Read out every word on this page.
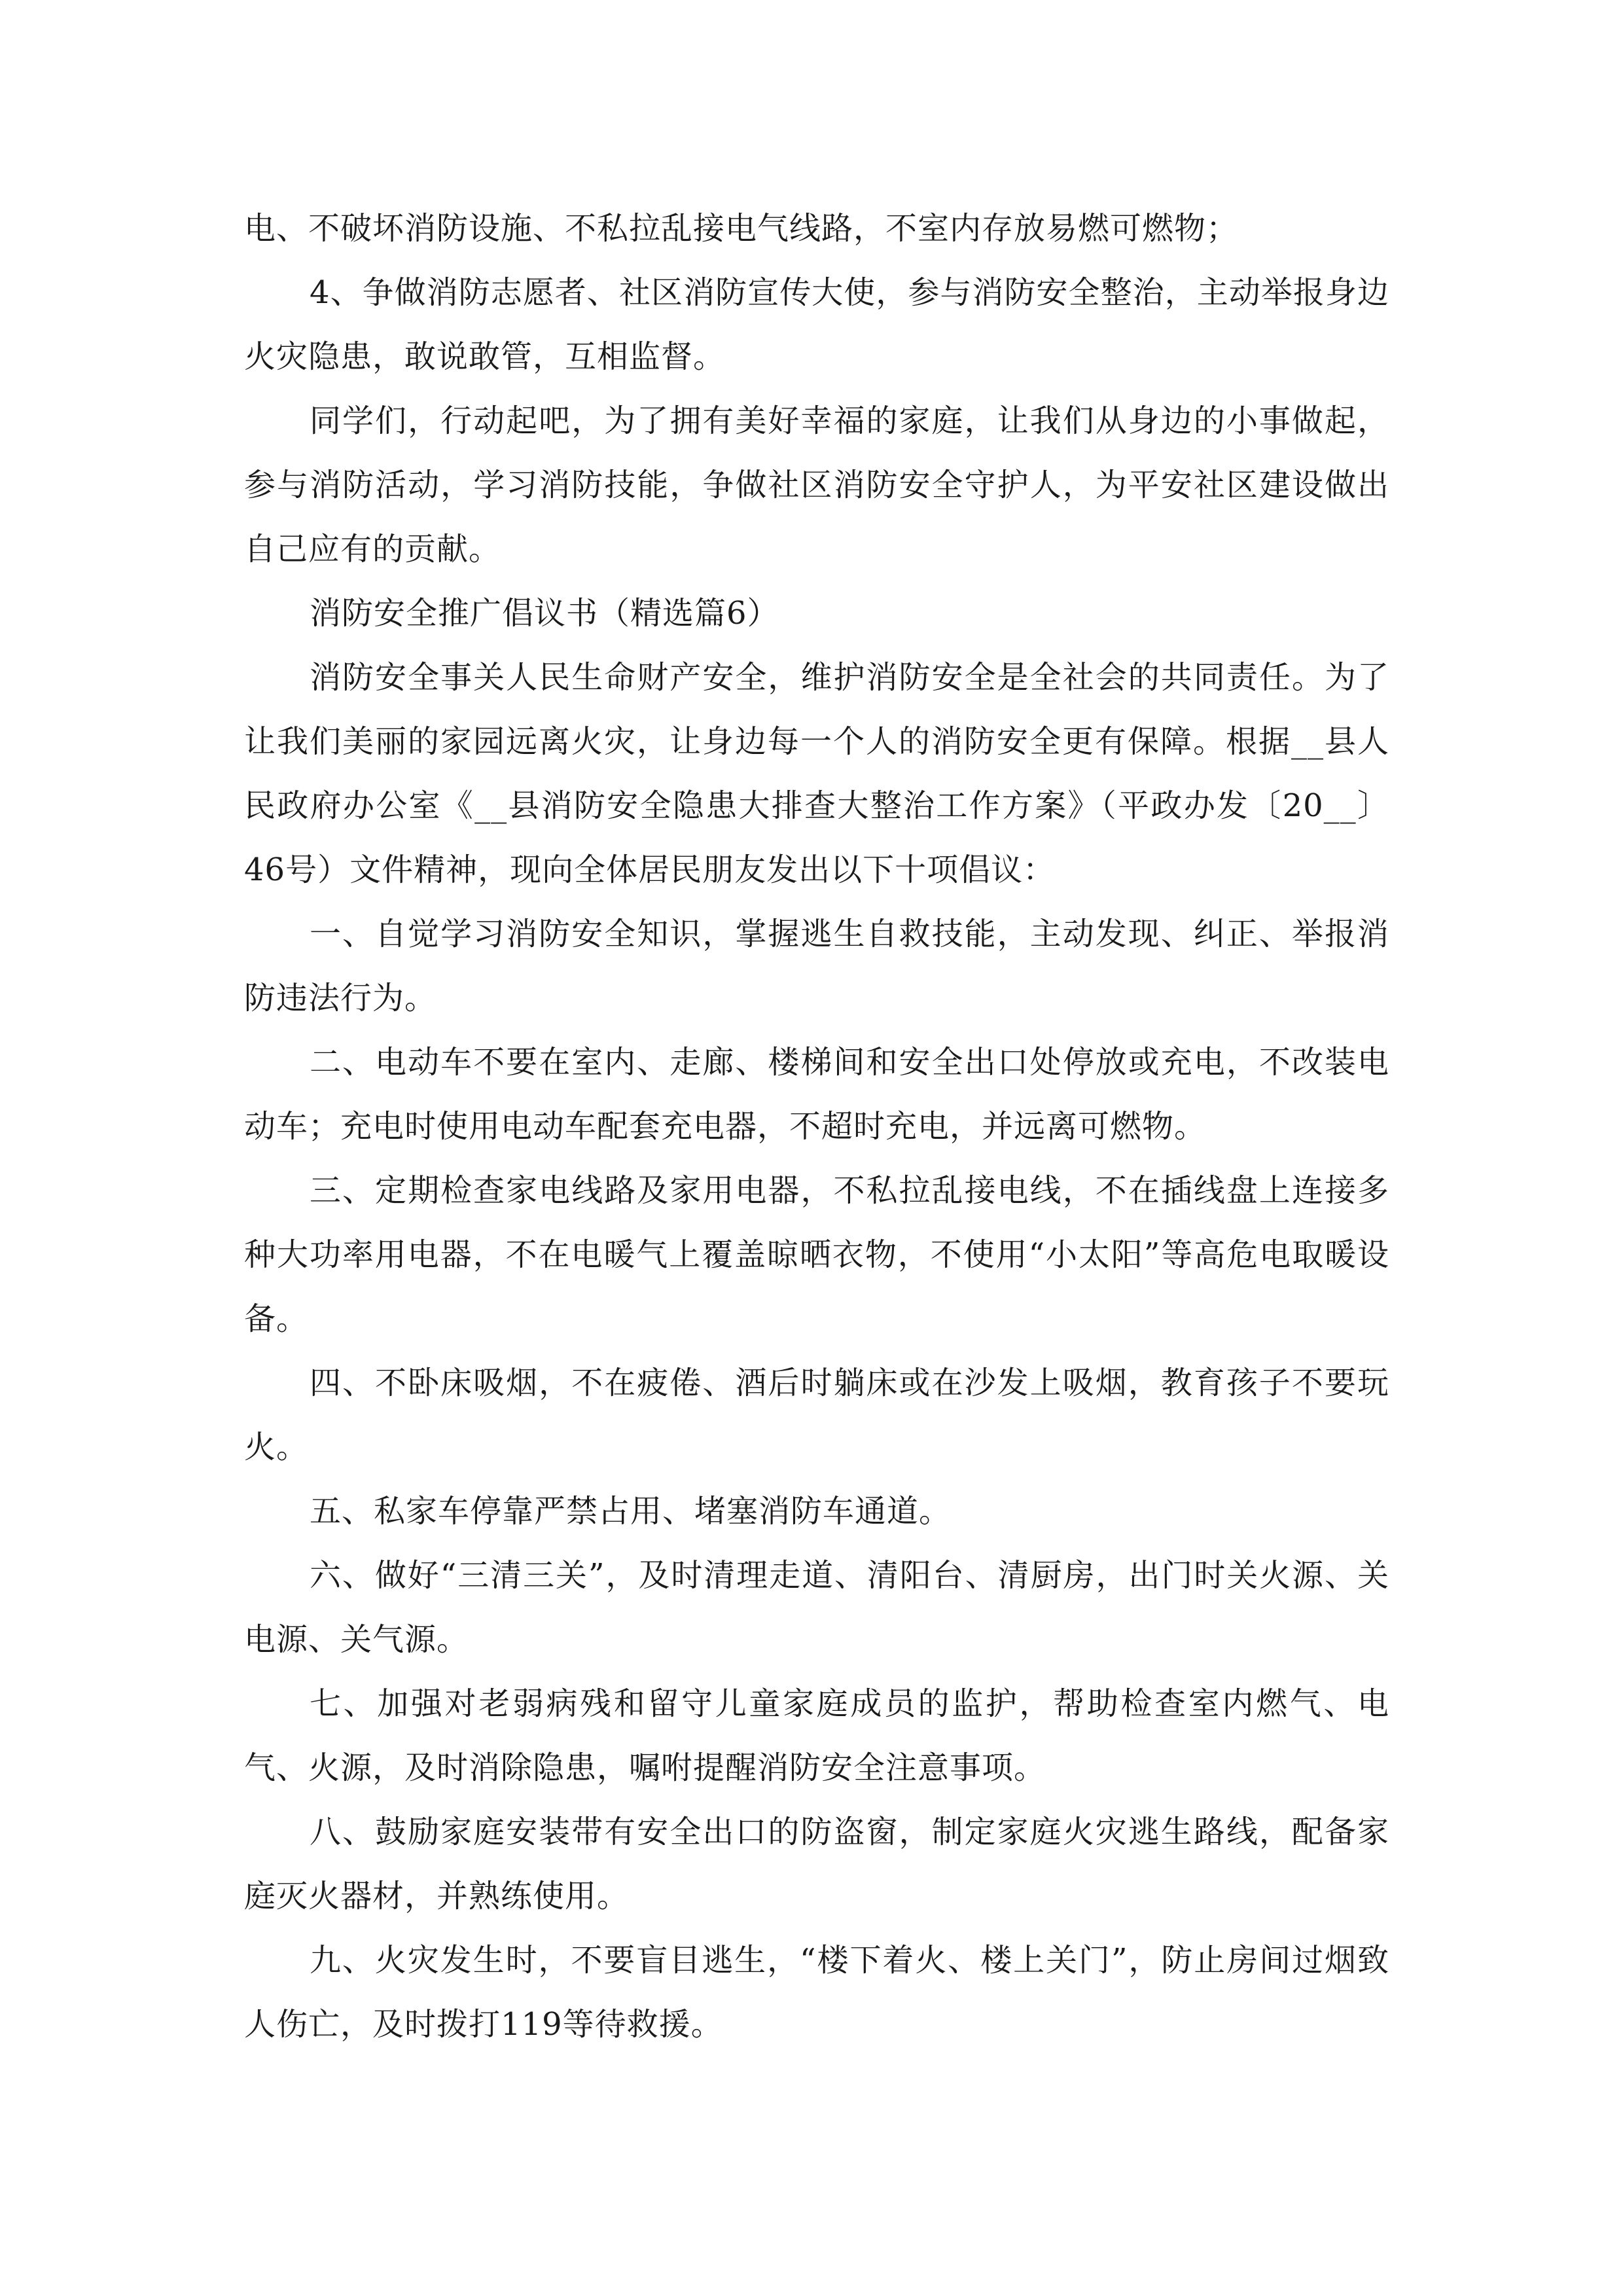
电、不破坏消防设施、不私拉乱接电气线路，不室内存放易燃可燃物；

4、争做消防志愿者、社区消防宣传大使，参与消防安全整治，主动举报身边火灾隐患，敢说敢管，互相监督。

同学们，行动起吧，为了拥有美好幸福的家庭，让我们从身边的小事做起，参与消防活动，学习消防技能，争做社区消防安全守护人，为平安社区建设做出自己应有的贡献。

消防安全推广倡议书（精选篇6）

消防安全事关人民生命财产安全，维护消防安全是全社会的共同责任。为了让我们美丽的家园远离火灾，让身边每一个人的消防安全更有保障。根据__县人民政府办公室《__县消防安全隐患大排查大整治工作方案》（平政办发〔20__〕46号）文件精神，现向全体居民朋友发出以下十项倡议：

一、自觉学习消防安全知识，掌握逃生自救技能，主动发现、纠正、举报消防违法行为。

二、电动车不要在室内、走廊、楼梯间和安全出口处停放或充电，不改装电动车；充电时使用电动车配套充电器，不超时充电，并远离可燃物。

三、定期检查家电线路及家用电器，不私拉乱接电线，不在插线盘上连接多种大功率用电器，不在电暖气上覆盖晾晒衣物，不使用“小太阳”等高危电取暖设备。

四、不卧床吸烟，不在疲倦、酒后时躺床或在沙发上吸烟，教育孩子不要玩火。

五、私家车停靠严禁占用、堵塞消防车通道。

六、做好“三清三关”，及时清理走道、清阳台、清厨房，出门时关火源、关电源、关气源。

七、加强对老弱病残和留守儿童家庭成员的监护，帮助检查室内燃气、电气、火源，及时消除隐患，嘱咐提醒消防安全注意事项。

八、鼓励家庭安装带有安全出口的防盗窗，制定家庭火灾逃生路线，配备家庭灭火器材，并熟练使用。

九、火灾发生时，不要盲目逃生，“楼下着火、楼上关门”，防止房间过烟致人伤亡，及时拨打119等待救援。
